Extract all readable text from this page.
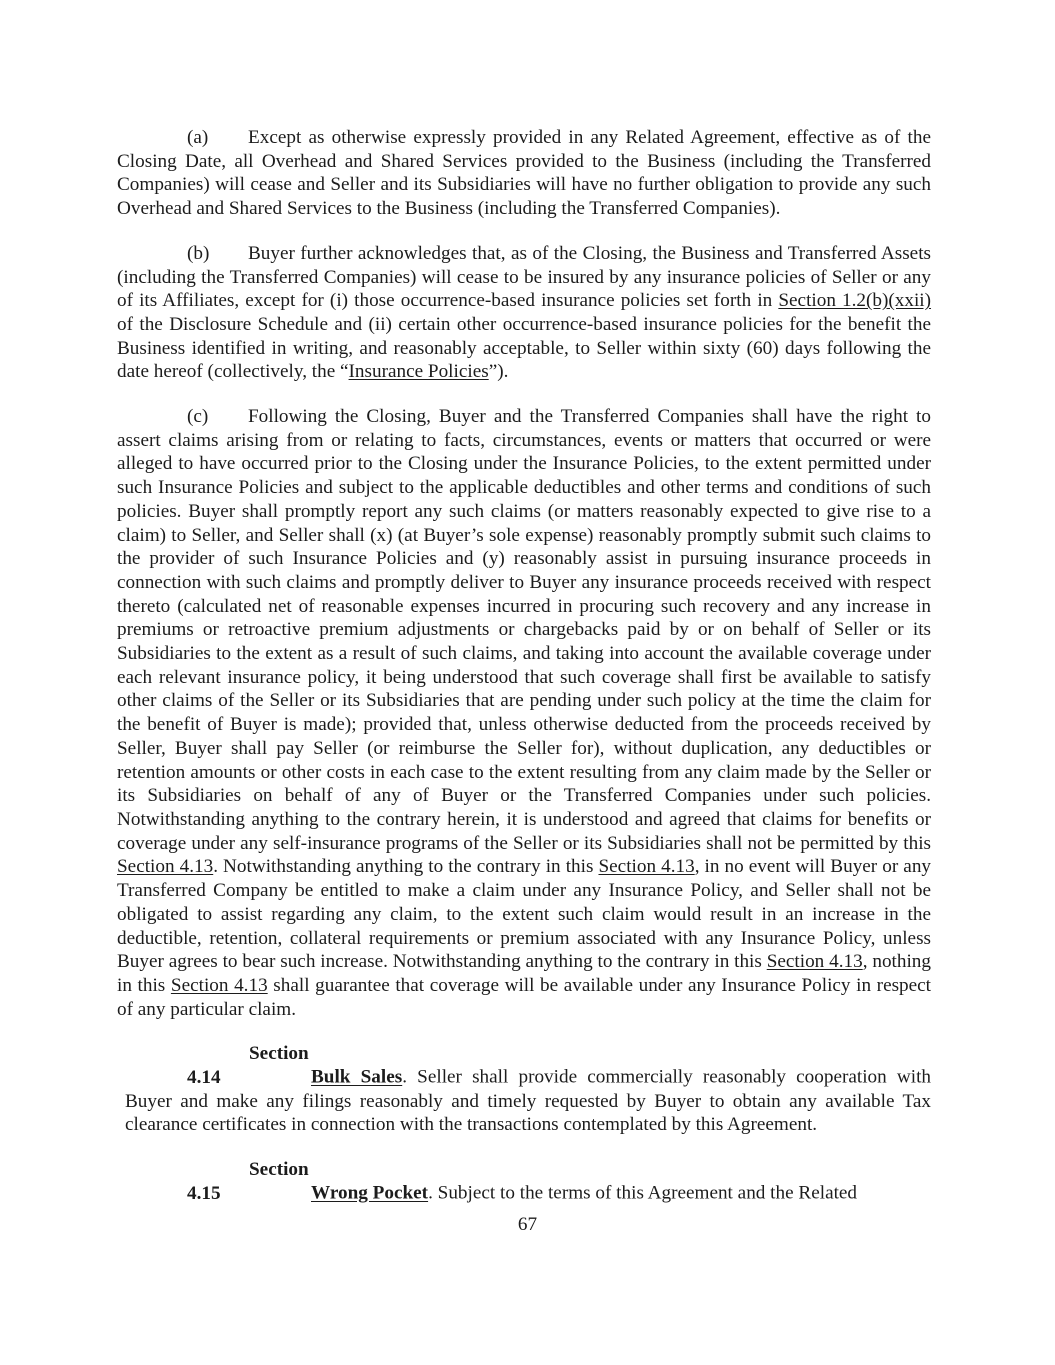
(a) Except as otherwise expressly provided in any Related Agreement, effective as of the Closing Date, all Overhead and Shared Services provided to the Business (including the Transferred Companies) will cease and Seller and its Subsidiaries will have no further obligation to provide any such Overhead and Shared Services to the Business (including the Transferred Companies).

(b) Buyer further acknowledges that, as of the Closing, the Business and Transferred Assets (including the Transferred Companies) will cease to be insured by any insurance policies of Seller or any of its Affiliates, except for (i) those occurrence-based insurance policies set forth in Section 1.2(b)(xxii) of the Disclosure Schedule and (ii) certain other occurrence-based insurance policies for the benefit the Business identified in writing, and reasonably acceptable, to Seller within sixty (60) days following the date hereof (collectively, the “Insurance Policies”).

(c) Following the Closing, Buyer and the Transferred Companies shall have the right to assert claims arising from or relating to facts, circumstances, events or matters that occurred or were alleged to have occurred prior to the Closing under the Insurance Policies, to the extent permitted under such Insurance Policies and subject to the applicable deductibles and other terms and conditions of such policies. Buyer shall promptly report any such claims (or matters reasonably expected to give rise to a claim) to Seller, and Seller shall (x) (at Buyer’s sole expense) reasonably promptly submit such claims to the provider of such Insurance Policies and (y) reasonably assist in pursuing insurance proceeds in connection with such claims and promptly deliver to Buyer any insurance proceeds received with respect thereto (calculated net of reasonable expenses incurred in procuring such recovery and any increase in premiums or retroactive premium adjustments or chargebacks paid by or on behalf of Seller or its Subsidiaries to the extent as a result of such claims, and taking into account the available coverage under each relevant insurance policy, it being understood that such coverage shall first be available to satisfy other claims of the Seller or its Subsidiaries that are pending under such policy at the time the claim for the benefit of Buyer is made); provided that, unless otherwise deducted from the proceeds received by Seller, Buyer shall pay Seller (or reimburse the Seller for), without duplication, any deductibles or retention amounts or other costs in each case to the extent resulting from any claim made by the Seller or its Subsidiaries on behalf of any of Buyer or the Transferred Companies under such policies. Notwithstanding anything to the contrary herein, it is understood and agreed that claims for benefits or coverage under any self-insurance programs of the Seller or its Subsidiaries shall not be permitted by this Section 4.13. Notwithstanding anything to the contrary in this Section 4.13, in no event will Buyer or any Transferred Company be entitled to make a claim under any Insurance Policy, and Seller shall not be obligated to assist regarding any claim, to the extent such claim would result in an increase in the deductible, retention, collateral requirements or premium associated with any Insurance Policy, unless Buyer agrees to bear such increase. Notwithstanding anything to the contrary in this Section 4.13, nothing in this Section 4.13 shall guarantee that coverage will be available under any Insurance Policy in respect of any particular claim.

Section 4.14	Bulk Sales. Seller shall provide commercially reasonably cooperation with Buyer and make any filings reasonably and timely requested by Buyer to obtain any available Tax clearance certificates in connection with the transactions contemplated by this Agreement.

Section 4.15	Wrong Pocket. Subject to the terms of this Agreement and the Related

67
